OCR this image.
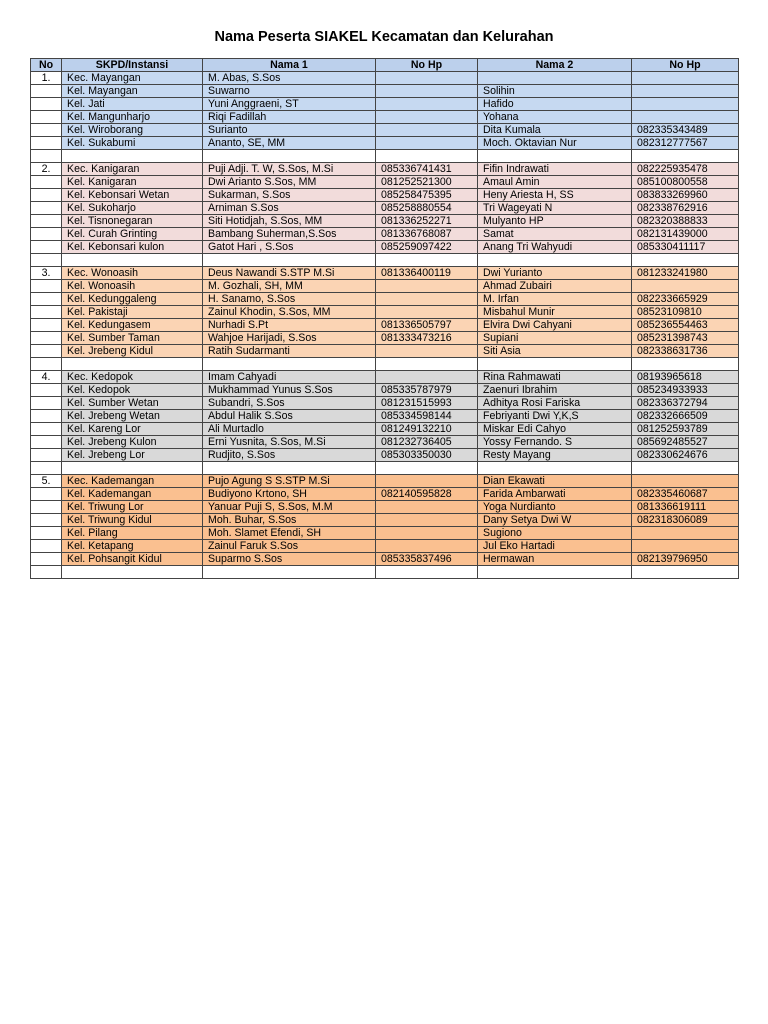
Nama Peserta SIAKEL Kecamatan dan Kelurahan
No	SKPD/Instansi	Nama 1	No Hp	Nama 2	No Hp
1.	Kec. Mayangan	M. Abas, S.Sos			
	Kel. Mayangan	Suwarno		Solihin	
	Kel. Jati	Yuni Anggraeni, ST		Hafido	
	Kel. Mangunharjo	Riqi Fadillah		Yohana	
	Kel. Wiroborang	Surianto		Dita Kumala	082335343489
	Kel. Sukabumi	Ananto, SE, MM		Moch. Oktavian Nur	082312777567

2.	Kec. Kanigaran	Puji Adji. T. W, S.Sos, M.Si	085336741431	Fifin Indrawati	082225935478
	Kel. Kanigaran	Dwi Arianto S.Sos, MM	081252521300	Amaul Amin	085100800558
	Kel. Kebonsari Wetan	Sukarman, S.Sos	085258475395	Heny Ariesta H, SS	083833269960
	Kel. Sukoharjo	Arniman S.Sos	085258880554	Tri Wageyati N	082338762916
	Kel. Tisnonegaran	Siti Hotidjah, S.Sos, MM	081336252271	Mulyanto HP	082320388833
	Kel. Curah Grinting	Bambang Suherman,S.Sos	081336768087	Samat	082131439000
	Kel. Kebonsari kulon	Gatot Hari , S.Sos	085259097422	Anang Tri Wahyudi	085330411117

3.	Kec. Wonoasih	Deus Nawandi S.STP M.Si	081336400119	Dwi Yurianto	081233241980
	Kel. Wonoasih	M. Gozhali, SH, MM		Ahmad Zubairi	
	Kel. Kedunggaleng	H. Sanamo, S.Sos		M. Irfan	082233665929
	Kel. Pakistaji	Zainul Khodin, S.Sos, MM		Misbahul Munir	08523109810
	Kel. Kedungasem	Nurhadi S.Pt	081336505797	Elvira Dwi Cahyani	085236554463
	Kel. Sumber Taman	Wahjoe Harijadi, S.Sos	081333473216	Supiani	085231398743
	Kel. Jrebeng Kidul	Ratih Sudarmanti		Siti Asia	082338631736

4.	Kec. Kedopok	Imam Cahyadi		Rina Rahmawati	08193965618
	Kel. Kedopok	Mukhammad Yunus S.Sos	085335787979	Zaenuri Ibrahim	085234933933
	Kel. Sumber Wetan	Subandri, S.Sos	081231515993	Adhitya Rosi Fariska	082336372794
	Kel. Jrebeng Wetan	Abdul Halik S.Sos	085334598144	Febriyanti Dwi Y,K,S	082332666509
	Kel. Kareng Lor	Ali Murtadlo	081249132210	Miskar Edi Cahyo	081252593789
	Kel. Jrebeng Kulon	Erni Yusnita, S.Sos, M.Si	081232736405	Yossy Fernando. S	085692485527
	Kel. Jrebeng Lor	Rudjito, S.Sos	085303350030	Resty Mayang	082330624676

5.	Kec. Kademangan	Pujo Agung S S.STP M.Si		Dian Ekawati	
	Kel. Kademangan	Budiyono Krtono, SH	082140595828	Farida Ambarwati	082335460687
	Kel. Triwung Lor	Yanuar Puji S, S.Sos, M.M		Yoga Nurdianto	081336619111
	Kel. Triwung Kidul	Moh. Buhar, S.Sos		Dany Setya Dwi W	082318306089
	Kel. Pilang	Moh. Slamet Efendi, SH		Sugiono	
	Kel. Ketapang	Zainul Faruk S.Sos		Jul Eko Hartadi	
	Kel. Pohsangit Kidul	Suparmo S.Sos	085335837496	Hermawan	082139796950
